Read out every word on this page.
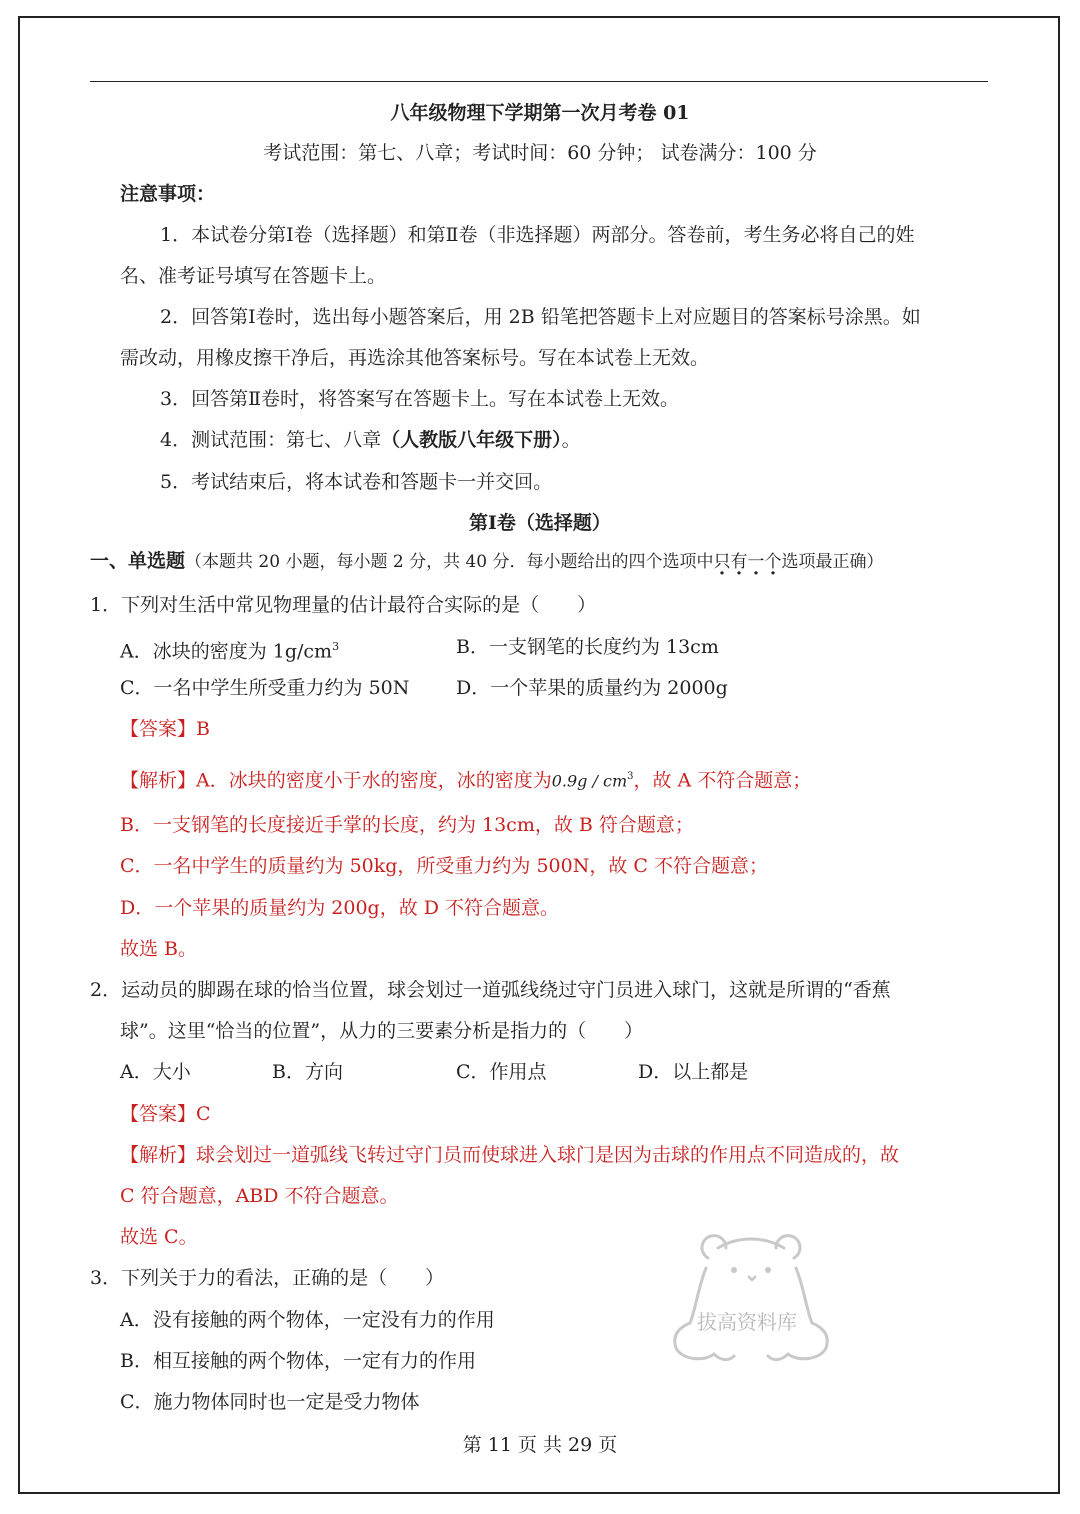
八年级物理下学期第一次月考卷 01
考试范围：第七、八章；考试时间：60 分钟； 试卷满分：100 分
注意事项：
1．本试卷分第Ⅰ卷（选择题）和第Ⅱ卷（非选择题）两部分。答卷前，考生务必将自己的姓
名、准考证号填写在答题卡上。
2．回答第Ⅰ卷时，选出每小题答案后，用 2B 铅笔把答题卡上对应题目的答案标号涂黑。如
需改动，用橡皮擦干净后，再选涂其他答案标号。写在本试卷上无效。
3．回答第Ⅱ卷时，将答案写在答题卡上。写在本试卷上无效。
4．测试范围：第七、八章（人教版八年级下册）。
5．考试结束后，将本试卷和答题卡一并交回。
第Ⅰ卷（选择题）
一、单选题（本题共 20 小题，每小题 2 分，共 40 分．每小题给出的四个选项中只有一个选项最正确）
1．下列对生活中常见物理量的估计最符合实际的是（　　）
A．冰块的密度为 $1g/cm^3$	B．一支钢笔的长度约为 13cm
C．一名中学生所受重力约为 50N D．一个苹果的质量约为 2000g
【答案】B
【解析】A．冰块的密度小于水的密度，冰的密度为$0.9g / cm^3$，故 A 不符合题意；
B．一支钢笔的长度接近手掌的长度，约为 13cm，故 B 符合题意；
C．一名中学生的质量约为 50kg，所受重力约为 500N，故 C 不符合题意；
D．一个苹果的质量约为 200g，故 D 不符合题意。
故选 B。
2．运动员的脚踢在球的恰当位置，球会划过一道弧线绕过守门员进入球门，这就是所谓的“香蕉
球”。这里“恰当的位置”，从力的三要素分析是指力的（　　）
A．大小	B．方向	C．作用点	D．以上都是
【答案】C
【解析】球会划过一道弧线飞转过守门员而使球进入球门是因为击球的作用点不同造成的，故
C 符合题意，ABD 不符合题意。
故选 C。
3．下列关于力的看法，正确的是（　　）
A．没有接触的两个物体，一定没有力的作用
B．相互接触的两个物体，一定有力的作用
C．施力物体同时也一定是受力物体
拔高资料库
第 11 页 共 29 页
